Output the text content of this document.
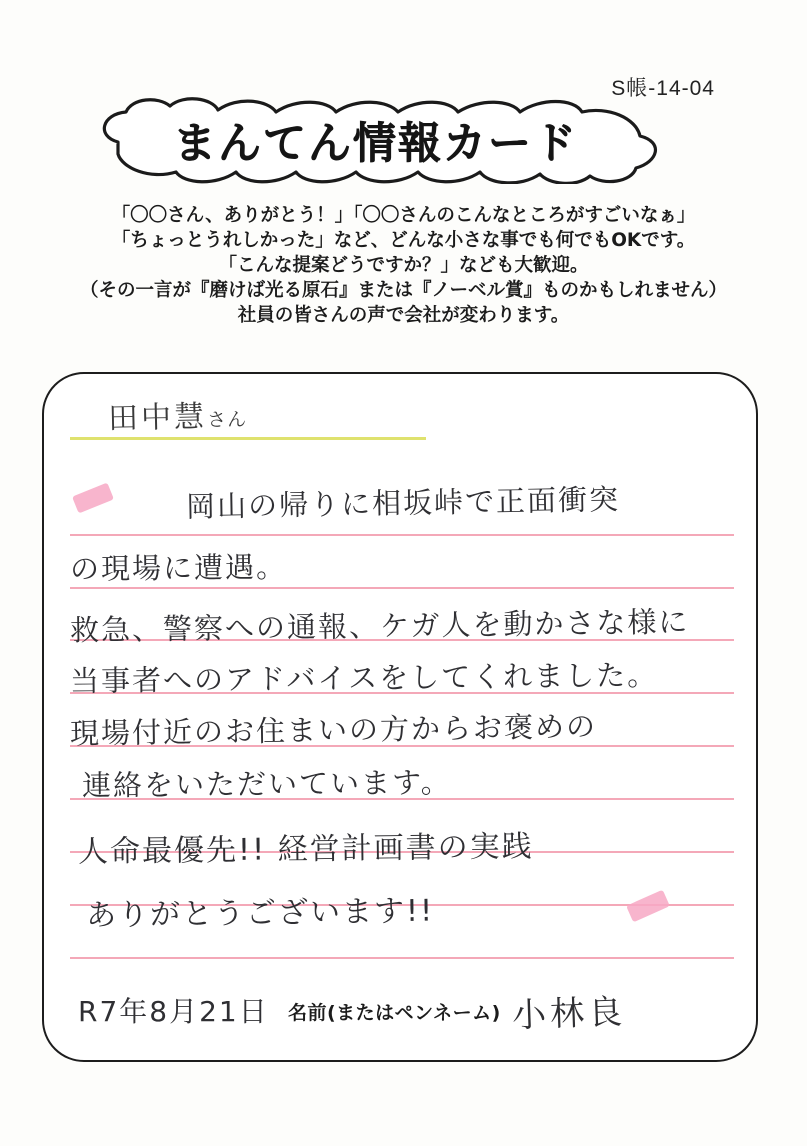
S帳-14-04
まんてん情報カード
「〇〇さん、ありがとう！」「〇〇さんのこんなところがすごいなぁ」
「ちょっとうれしかった」など、どんな小さな事でも何でもOKです。
「こんな提案どうですか？」なども大歓迎。
（その一言が『磨けば光る原石』または『ノーベル賞』ものかもしれません）
社員の皆さんの声で会社が変わります。
田中慧さん
岡山の帰りに相坂峠で正面衝突
の現場に遭遇。
救急、警察への通報、ケガ人を動かさな様に
当事者へのアドバイスをしてくれました。
現場付近のお住まいの方からお褒めの
連絡をいただいています。
人命最優先!! 経営計画書の実践
ありがとうございます!!
R7年8月21日 名前(またはペンネーム) 小林良
